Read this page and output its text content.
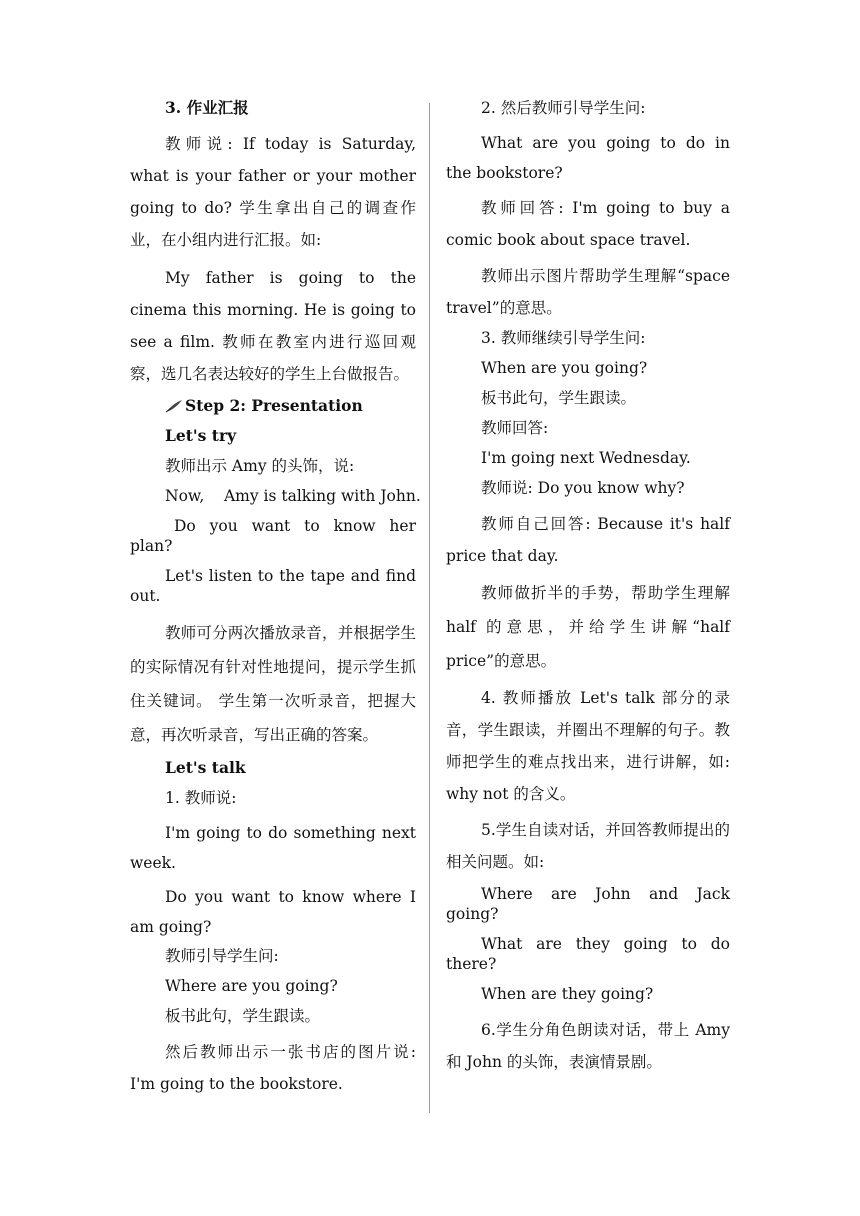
3. 作业汇报

教师说: If today is Saturday, what is your father or your mother going to do? 学生拿出自己的调查作业，在小组内进行汇报。如:

My father is going to the cinema this morning. He is going to see a film. 教师在教室内进行巡回观察，选几名表达较好的学生上台做报告。

Step 2: Presentation

Let's try

教师出示 Amy 的头饰，说:

Now,    Amy is talking with John.

Do you want to know her plan?

Let's listen to the tape and find out.

教师可分两次播放录音，并根据学生的实际情况有针对性地提问，提示学生抓住关键词。 学生第一次听录音，把握大意，再次听录音，写出正确的答案。

Let's talk

1. 教师说:

I'm going to do something next week.

Do you want to know where I am going?

教师引导学生问:

Where are you going?

板书此句，学生跟读。

然后教师出示一张书店的图片说: I'm going to the bookstore.

2. 然后教师引导学生问:

What are you going to do in the bookstore?

教师回答: I'm going to buy a comic book about space travel.

教师出示图片帮助学生理解“space travel”的意思。

3. 教师继续引导学生问:

When are you going?

板书此句，学生跟读。

教师回答:

I'm going next Wednesday.

教师说: Do you know why?

教师自己回答: Because it's half price that day.

教师做折半的手势，帮助学生理解 half 的意思，并给学生讲解“half price”的意思。

4. 教师播放 Let's talk 部分的录音，学生跟读，并圈出不理解的句子。教师把学生的难点找出来，进行讲解，如: why not 的含义。

5.学生自读对话，并回答教师提出的相关问题。如:

Where are John and Jack going?

What are they going to do there?

When are they going?

6.学生分角色朗读对话，带上 Amy 和 John 的头饰，表演情景剧。
